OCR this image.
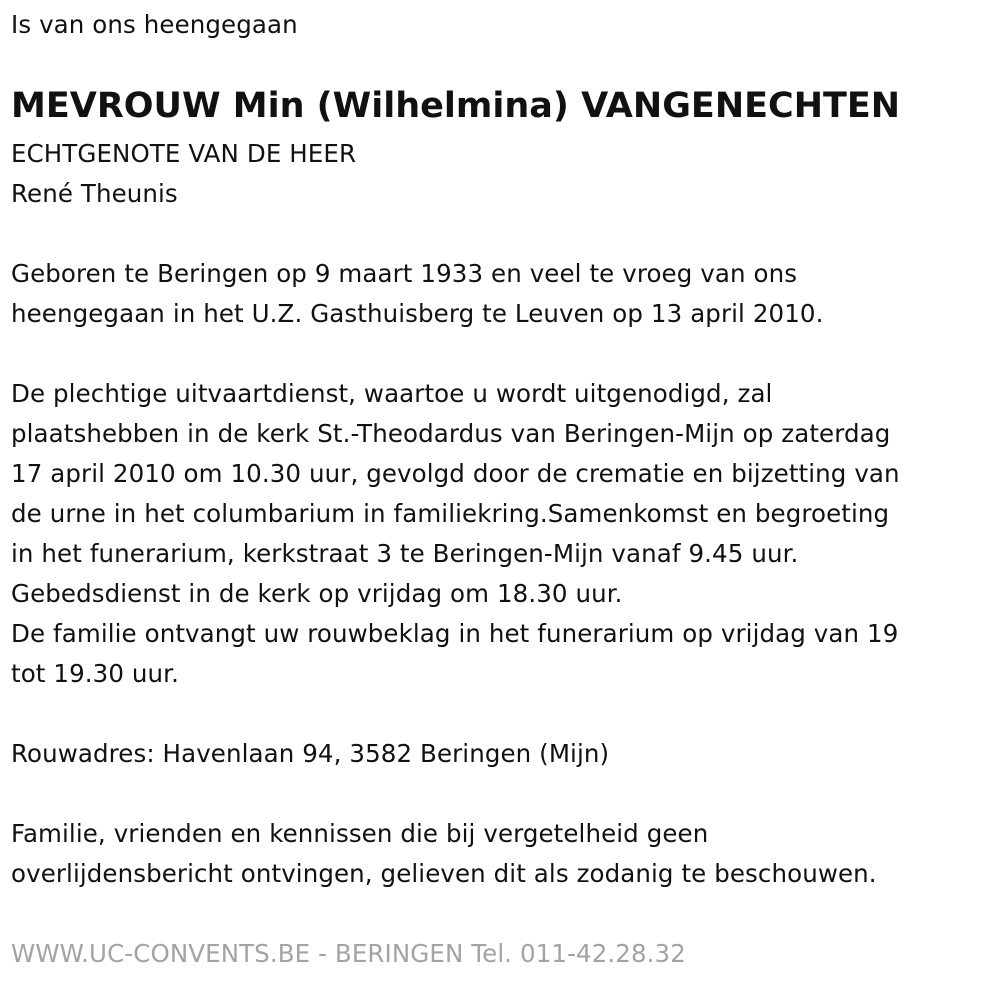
Is van ons heengegaan

MEVROUW Min (Wilhelmina) VANGENECHTEN

ECHTGENOTE VAN DE HEER

René Theunis

Geboren te Beringen op 9 maart 1933 en veel te vroeg van ons

heengegaan in het U.Z. Gasthuisberg te Leuven op 13 april 2010.

De plechtige uitvaartdienst, waartoe u wordt uitgenodigd, zal

plaatshebben in de kerk St.-Theodardus van Beringen-Mijn op zaterdag

17 april 2010 om 10.30 uur, gevolgd door de crematie en bijzetting van

de urne in het columbarium in familiekring.Samenkomst en begroeting

in het funerarium, kerkstraat 3 te Beringen-Mijn vanaf 9.45 uur.

Gebedsdienst in de kerk op vrijdag om 18.30 uur.

De familie ontvangt uw rouwbeklag in het funerarium op vrijdag van 19

tot 19.30 uur.

Rouwadres: Havenlaan 94, 3582 Beringen (Mijn)

Familie, vrienden en kennissen die bij vergetelheid geen

overlijdensbericht ontvingen, gelieven dit als zodanig te beschouwen.

WWW.UC-CONVENTS.BE - BERINGEN Tel. 011-42.28.32
